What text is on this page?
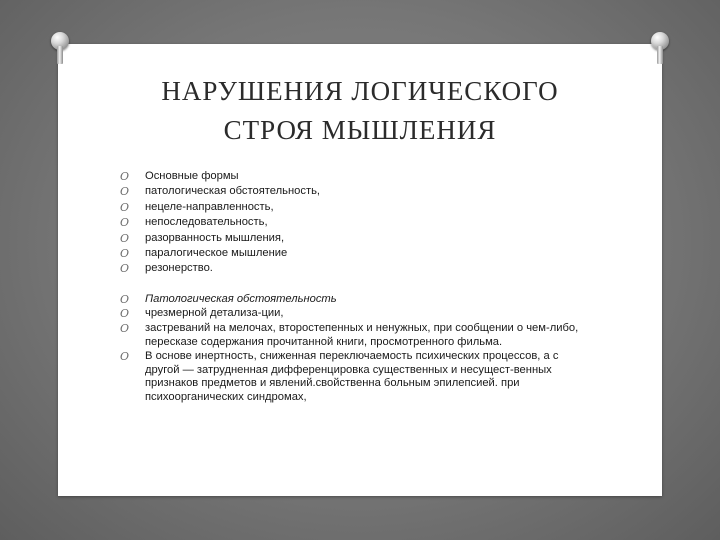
НАРУШЕНИЯ ЛОГИЧЕСКОГО
СТРОЯ МЫШЛЕНИЯ
O Основные формы
O патологическая обстоятельность,
O нецеле-направленность,
O непоследовательность,
O разорванность мышления,
O паралогическое мышление
O резонерство.
O Патологическая обстоятельность
O чрезмерной детализа-ции,
O застреваний на мелочах, второстепенных и ненужных, при сообщении о чем-либо, пересказе содержания прочитанной книги, просмотренного фильма.
O В основе инертность, сниженная переключаемость психических процессов, а с другой — затрудненная дифференцировка существенных и несущест-венных признаков предметов и явлений.свойственна больным эпилепсией. при психоорганических синдромах,
